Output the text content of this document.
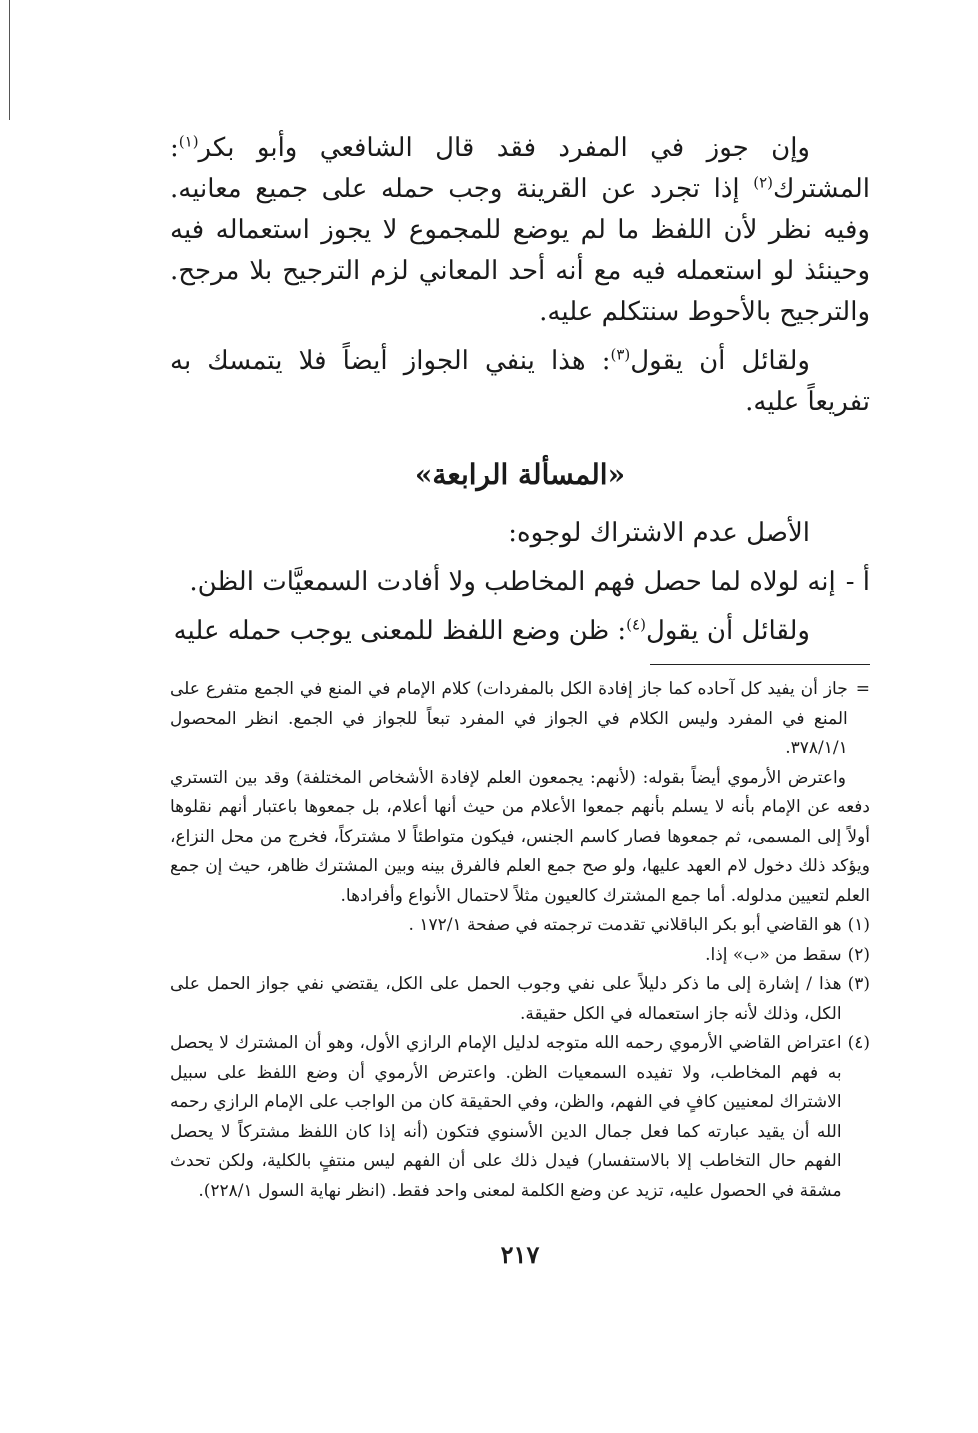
وإن جوز في المفرد فقد قال الشافعي وأبو بكر$^{(١)}$: المشترك$^{(٢)}$ إذا تجرد عن القرينة وجب حمله على جميع معانيه. وفيه نظر لأن اللفظ ما لم يوضع للمجموع لا يجوز استعماله فيه وحينئذ لو استعمله فيه مع أنه أحد المعاني لزم الترجيح بلا مرجح. والترجيح بالأحوط سنتكلم عليه.

ولقائل أن يقول$^{(٣)}$: هذا ينفي الجواز أيضاً فلا يتمسك به تفريعاً عليه.

«المسألة الرابعة»

الأصل عدم الاشتراك لوجوه:

أ -
إنه لولاه لما حصل فهم المخاطب ولا أفادت السمعيَّات الظن.

ولقائل أن يقول$^{(٤)}$: ظن وضع اللفظ للمعنى يوجب حمله عليه

=
جاز أن يفيد كل آحاده كما جاز إفادة الكل بالمفردات) كلام الإمام في المنع في الجمع متفرع على المنع في المفرد وليس الكلام في الجواز في المفرد تبعاً للجواز في الجمع. انظر المحصول ٣٧٨/١/١.

واعترض الأرموي أيضاً بقوله: (لأنهم: يجمعون العلم لإفادة الأشخاص المختلفة) وقد بين التستري دفعه عن الإمام بأنه لا يسلم بأنهم جمعوا الأعلام من حيث أنها أعلام، بل جمعوها باعتبار أنهم نقلوها أولاً إلى المسمى، ثم جمعوها فصار كاسم الجنس، فيكون متواطئاً لا مشتركاً، فخرج من محل النزاع، ويؤكد ذلك دخول لام العهد عليها، ولو صح جمع العلم فالفرق بينه وبين المشترك ظاهر، حيث إن جمع العلم لتعيين مدلوله. أما جمع المشترك كالعيون مثلاً لاحتمال الأنواع وأفرادها.

(١)
هو القاضي أبو بكر الباقلاني تقدمت ترجمته في صفحة ١٧٢/١ .
(٢)
سقط من «ب» إذا.
(٣)
هذا / إشارة إلى ما ذكر دليلاً على نفي وجوب الحمل على الكل، يقتضي نفي جواز الحمل على الكل، وذلك لأنه جاز استعماله في الكل حقيقة.
(٤)
اعتراض القاضي الأرموي رحمه الله متوجه لدليل الإمام الرازي الأول، وهو أن المشترك لا يحصل به فهم المخاطب، ولا تفيده السمعيات الظن. واعترض الأرموي أن وضع اللفظ على سبيل الاشتراك لمعنيين كافٍ في الفهم، والظن، وفي الحقيقة كان من الواجب على الإمام الرازي رحمه الله أن يقيد عبارته كما فعل جمال الدين الأسنوي فتكون (أنه إذا كان اللفظ مشتركاً لا يحصل الفهم حال التخاطب إلا بالاستفسار) فيدل ذلك على أن الفهم ليس منتفٍ بالكلية، ولكن تحدث مشقة في الحصول عليه، تزيد عن وضع الكلمة لمعنى واحد فقط. (انظر نهاية السول ٢٢٨/١).
٢١٧
